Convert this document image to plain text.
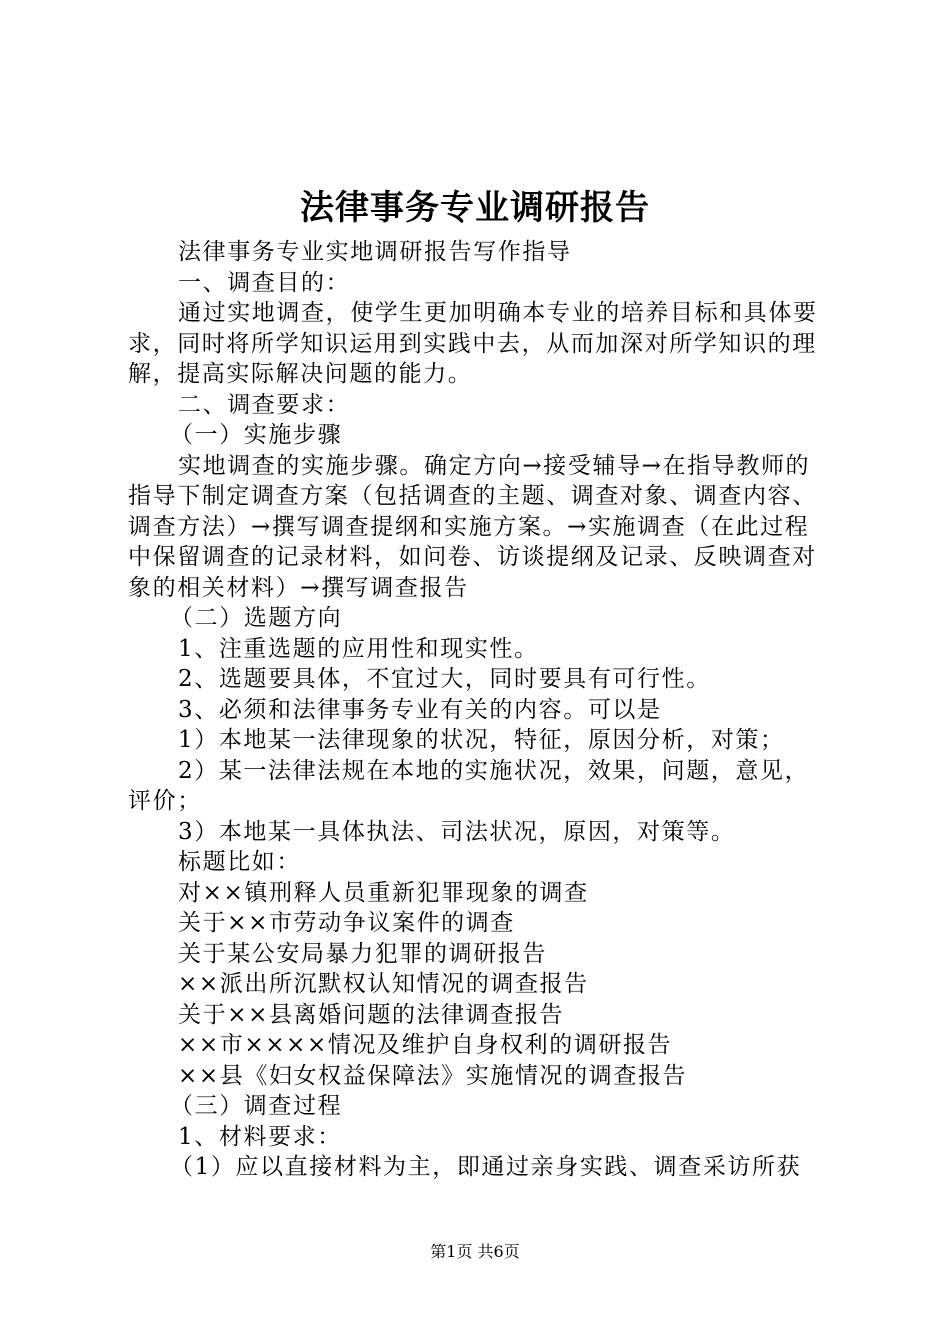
法律事务专业调研报告

法律事务专业实地调研报告写作指导

一、调查目的：

通过实地调查，使学生更加明确本专业的培养目标和具体要求，同时将所学知识运用到实践中去，从而加深对所学知识的理解，提高实际解决问题的能力。

二、调查要求：

（一）实施步骤

实地调查的实施步骤。确定方向→接受辅导→在指导教师的指导下制定调查方案（包括调查的主题、调查对象、调查内容、调查方法）→撰写调查提纲和实施方案。→实施调查（在此过程中保留调查的记录材料，如问卷、访谈提纲及记录、反映调查对象的相关材料）→撰写调查报告

（二）选题方向

1、注重选题的应用性和现实性。

2、选题要具体，不宜过大，同时要具有可行性。

3、必须和法律事务专业有关的内容。可以是

1）本地某一法律现象的状况，特征，原因分析，对策；

2）某一法律法规在本地的实施状况，效果，问题，意见，评价；

3）本地某一具体执法、司法状况，原因，对策等。

标题比如：

对××镇刑释人员重新犯罪现象的调查

关于××市劳动争议案件的调查

关于某公安局暴力犯罪的调研报告

××派出所沉默权认知情况的调查报告

关于××县离婚问题的法律调查报告

××市××××情况及维护自身权利的调研报告

××县《妇女权益保障法》实施情况的调查报告

（三）调查过程

1、材料要求：

（1）应以直接材料为主，即通过亲身实践、调查采访所获

第1页 共6页
